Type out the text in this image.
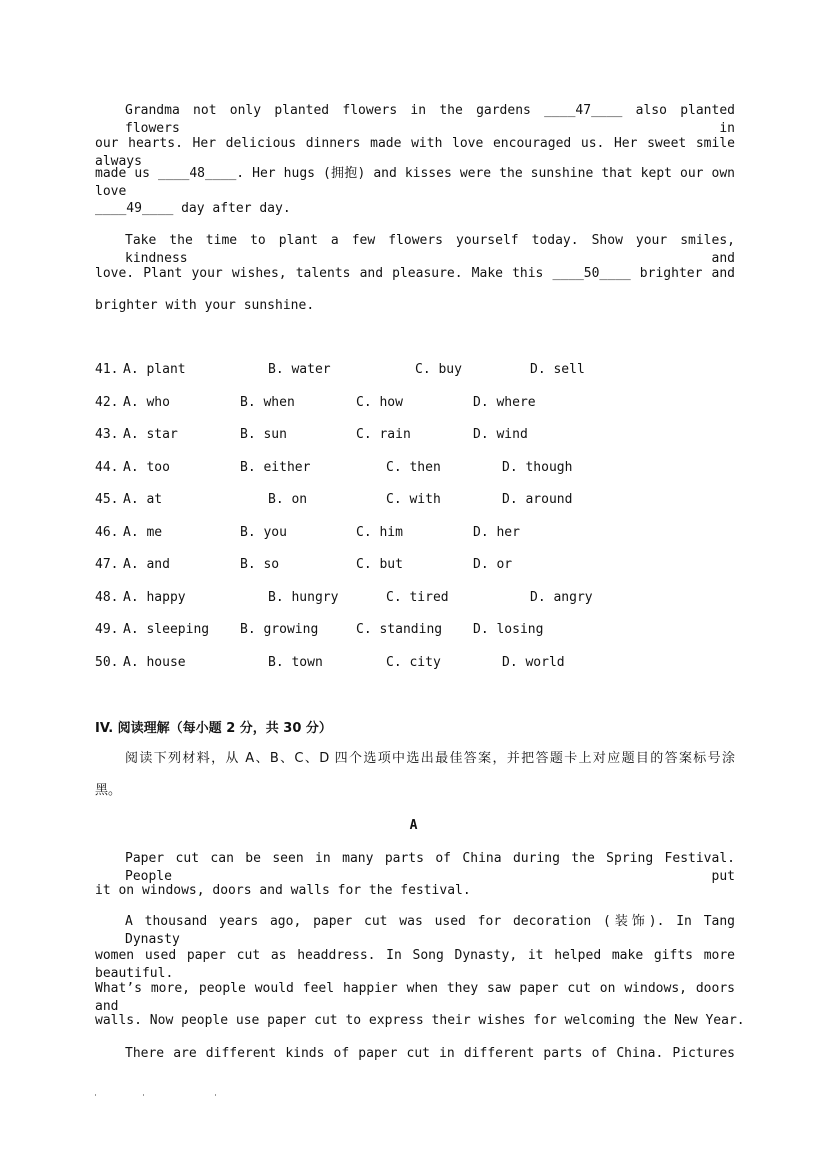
Grandma not only planted flowers in the gardens ____47____ also planted flowers in
our hearts. Her delicious dinners made with love encouraged us. Her sweet smile always
made us ____48____. Her hugs (拥抱) and kisses were the sunshine that kept our own love
____49____ day after day.
Take the time to plant a few flowers yourself today. Show your smiles, kindness and
love. Plant your wishes, talents and pleasure. Make this ____50____ brighter and
brighter with your sunshine.
41. A. plant	B. water	C. buy	D. sell
42. A. who	B. when	C. how	D. where
43. A. star	B. sun	C. rain	D. wind
44. A. too	B. either	C. then	D. though
45. A. at	B. on	C. with	D. around
46. A. me	B. you	C. him	D. her
47. A. and	B. so	C. but	D. or
48. A. happy	B. hungry	C. tired	D. angry
49. A. sleeping B. growing	C. standing D. losing
50. A. house	B. town	C. city	D. world
IV. 阅读理解（每小题 2 分，共 30 分）
阅读下列材料，从 A、B、C、D 四个选项中选出最佳答案，并把答题卡上对应题目的答案标号涂
黑。
A
Paper cut can be seen in many parts of China during the Spring Festival. People put
it on windows, doors and walls for the festival.
A thousand years ago, paper cut was used for decoration (装饰). In Tang Dynasty
women used paper cut as headdress. In Song Dynasty, it helped make gifts more beautiful.
What’s more, people would feel happier when they saw paper cut on windows, doors and
walls. Now people use paper cut to express their wishes for welcoming the New Year.
There are different kinds of paper cut in different parts of China. Pictures
